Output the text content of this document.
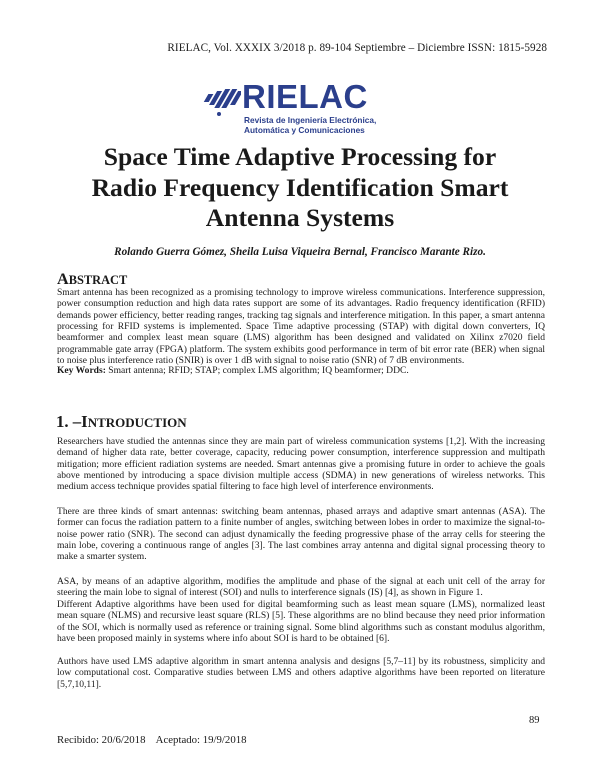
RIELAC, Vol. XXXIX 3/2018 p. 89-104 Septiembre – Diciembre ISSN: 1815-5928
RIELAC
Revista de Ingeniería Electrónica,
Automática y Comunicaciones
Space Time Adaptive Processing for
Radio Frequency Identification Smart
Antenna Systems
Rolando Guerra Gómez, Sheila Luisa Viqueira Bernal, Francisco Marante Rizo.
ABSTRACT

Smart antenna has been recognized as a promising technology to improve wireless communications. Interference suppression, power consumption reduction and high data rates support are some of its advantages. Radio frequency identification (RFID) demands power efficiency, better reading ranges, tracking tag signals and interference mitigation. In this paper, a smart antenna processing for RFID systems is implemented. Space Time adaptive processing (STAP) with digital down converters, IQ beamformer and complex least mean square (LMS) algorithm has been designed and validated on Xilinx z7020 field programmable gate array (FPGA) platform. The system exhibits good performance in term of bit error rate (BER) when signal to noise plus interference ratio (SNIR) is over 1 dB with signal to noise ratio (SNR) of 7 dB environments.

Key Words: Smart antenna; RFID; STAP; complex LMS algorithm; IQ beamformer; DDC.

1. –INTRODUCTION

Researchers have studied the antennas since they are main part of wireless communication systems [1,2]. With the increasing demand of higher data rate, better coverage, capacity, reducing power consumption, interference suppression and multipath mitigation; more efficient radiation systems are needed. Smart antennas give a promising future in order to achieve the goals above mentioned by introducing a space division multiple access (SDMA) in new generations of wireless networks. This medium access technique provides spatial filtering to face high level of interference environments.

There are three kinds of smart antennas: switching beam antennas, phased arrays and adaptive smart antennas (ASA). The former can focus the radiation pattern to a finite number of angles, switching between lobes in order to maximize the signal-to-noise power ratio (SNR). The second can adjust dynamically the feeding progressive phase of the array cells for steering the main lobe, covering a continuous range of angles [3]. The last combines array antenna and digital signal processing theory to make a smarter system.

ASA, by means of an adaptive algorithm, modifies the amplitude and phase of the signal at each unit cell of the array for steering the main lobe to signal of interest (SOI) and nulls to interference signals (IS) [4], as shown in Figure 1.

Different Adaptive algorithms have been used for digital beamforming such as least mean square (LMS), normalized least mean square (NLMS) and recursive least square (RLS) [5]. These algorithms are no blind because they need prior information of the SOI, which is normally used as reference or training signal. Some blind algorithms such as constant modulus algorithm, have been proposed mainly in systems where info about SOI is hard to be obtained [6].

Authors have used LMS adaptive algorithm in smart antenna analysis and designs [5,7–11] by its robustness, simplicity and low computational cost. Comparative studies between LMS and others adaptive algorithms have been reported on literature [5,7,10,11].

89
Recibido: 20/6/2018    Aceptado: 19/9/2018
